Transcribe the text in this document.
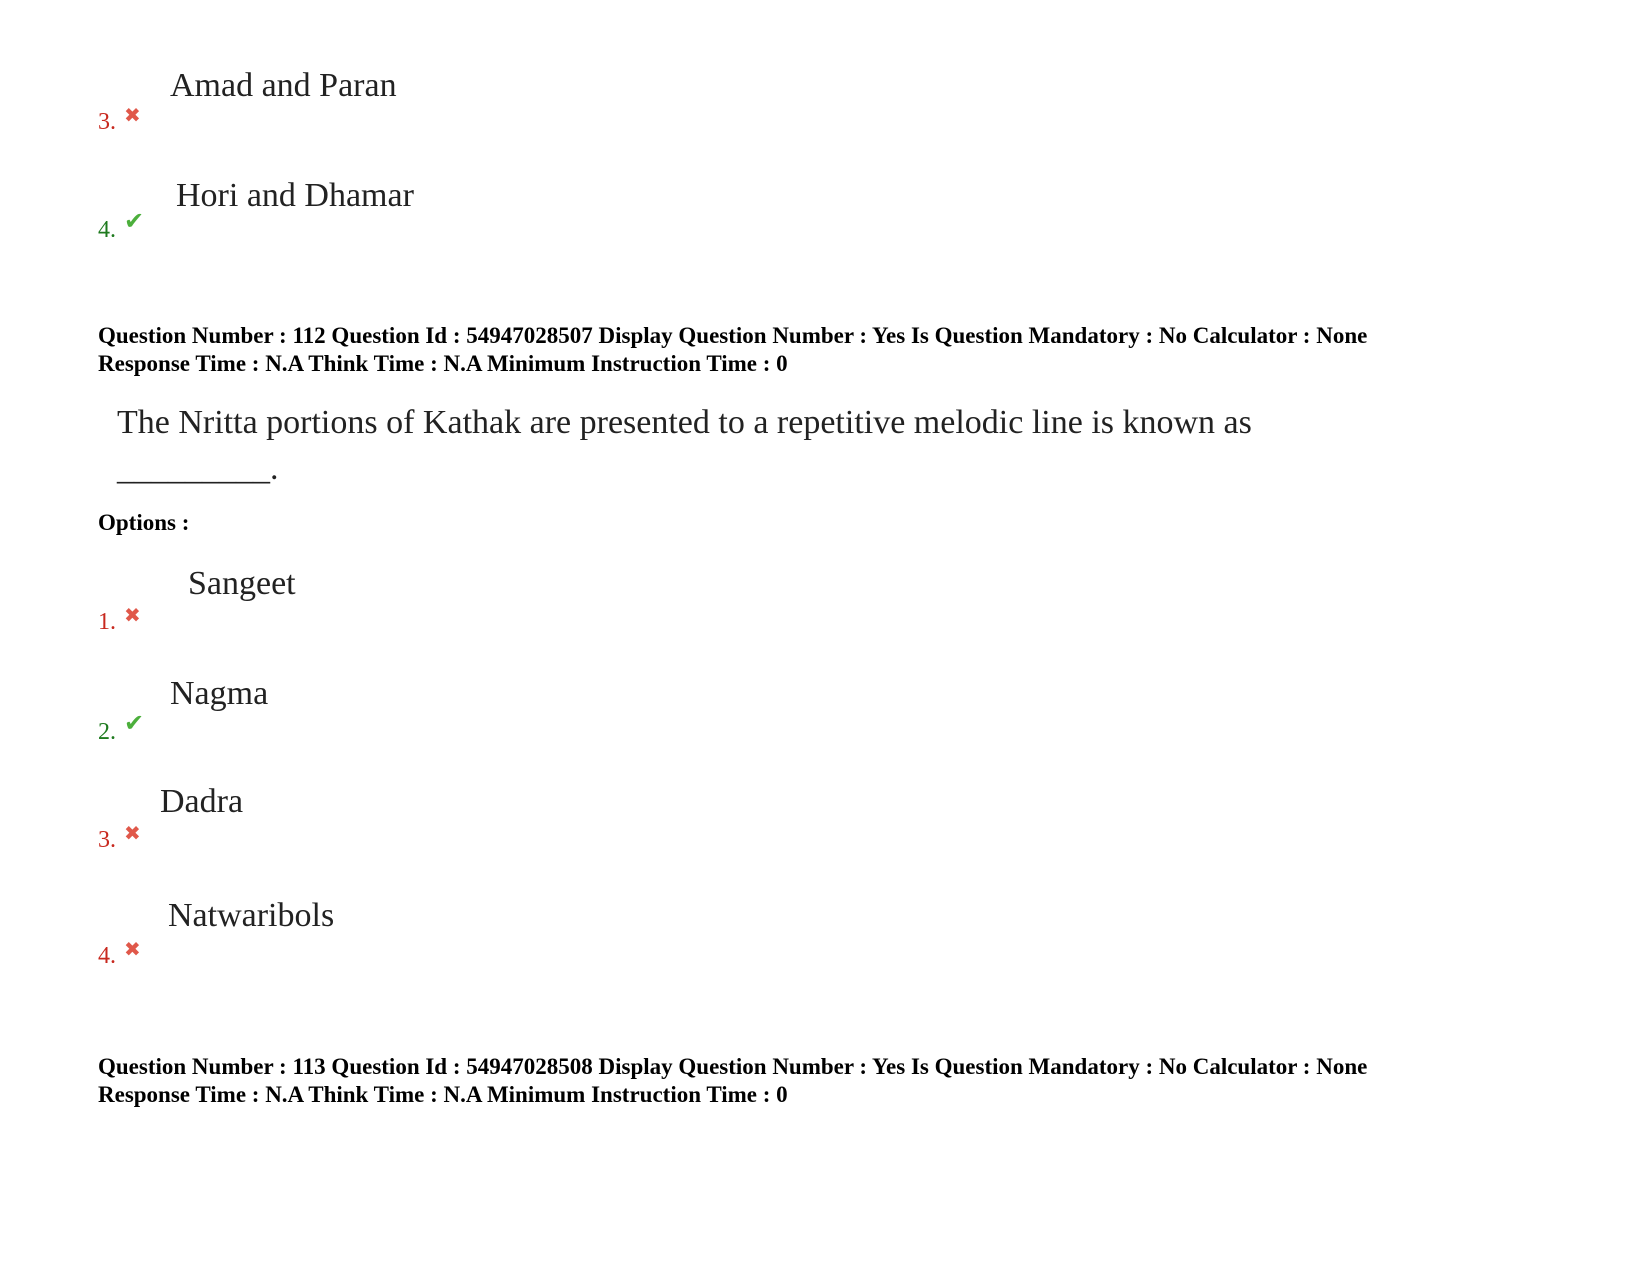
Amad and Paran
3. ✖
Hori and Dhamar
4. ✔
Question Number : 112 Question Id : 54947028507 Display Question Number : Yes Is Question Mandatory : No Calculator : None
Response Time : N.A Think Time : N.A Minimum Instruction Time : 0
The Nritta portions of Kathak are presented to a repetitive melodic line is known as
_________.
Options :
Sangeet
1. ✖
Nagma
2. ✔
Dadra
3. ✖
Natwaribols
4. ✖
Question Number : 113 Question Id : 54947028508 Display Question Number : Yes Is Question Mandatory : No Calculator : None
Response Time : N.A Think Time : N.A Minimum Instruction Time : 0
